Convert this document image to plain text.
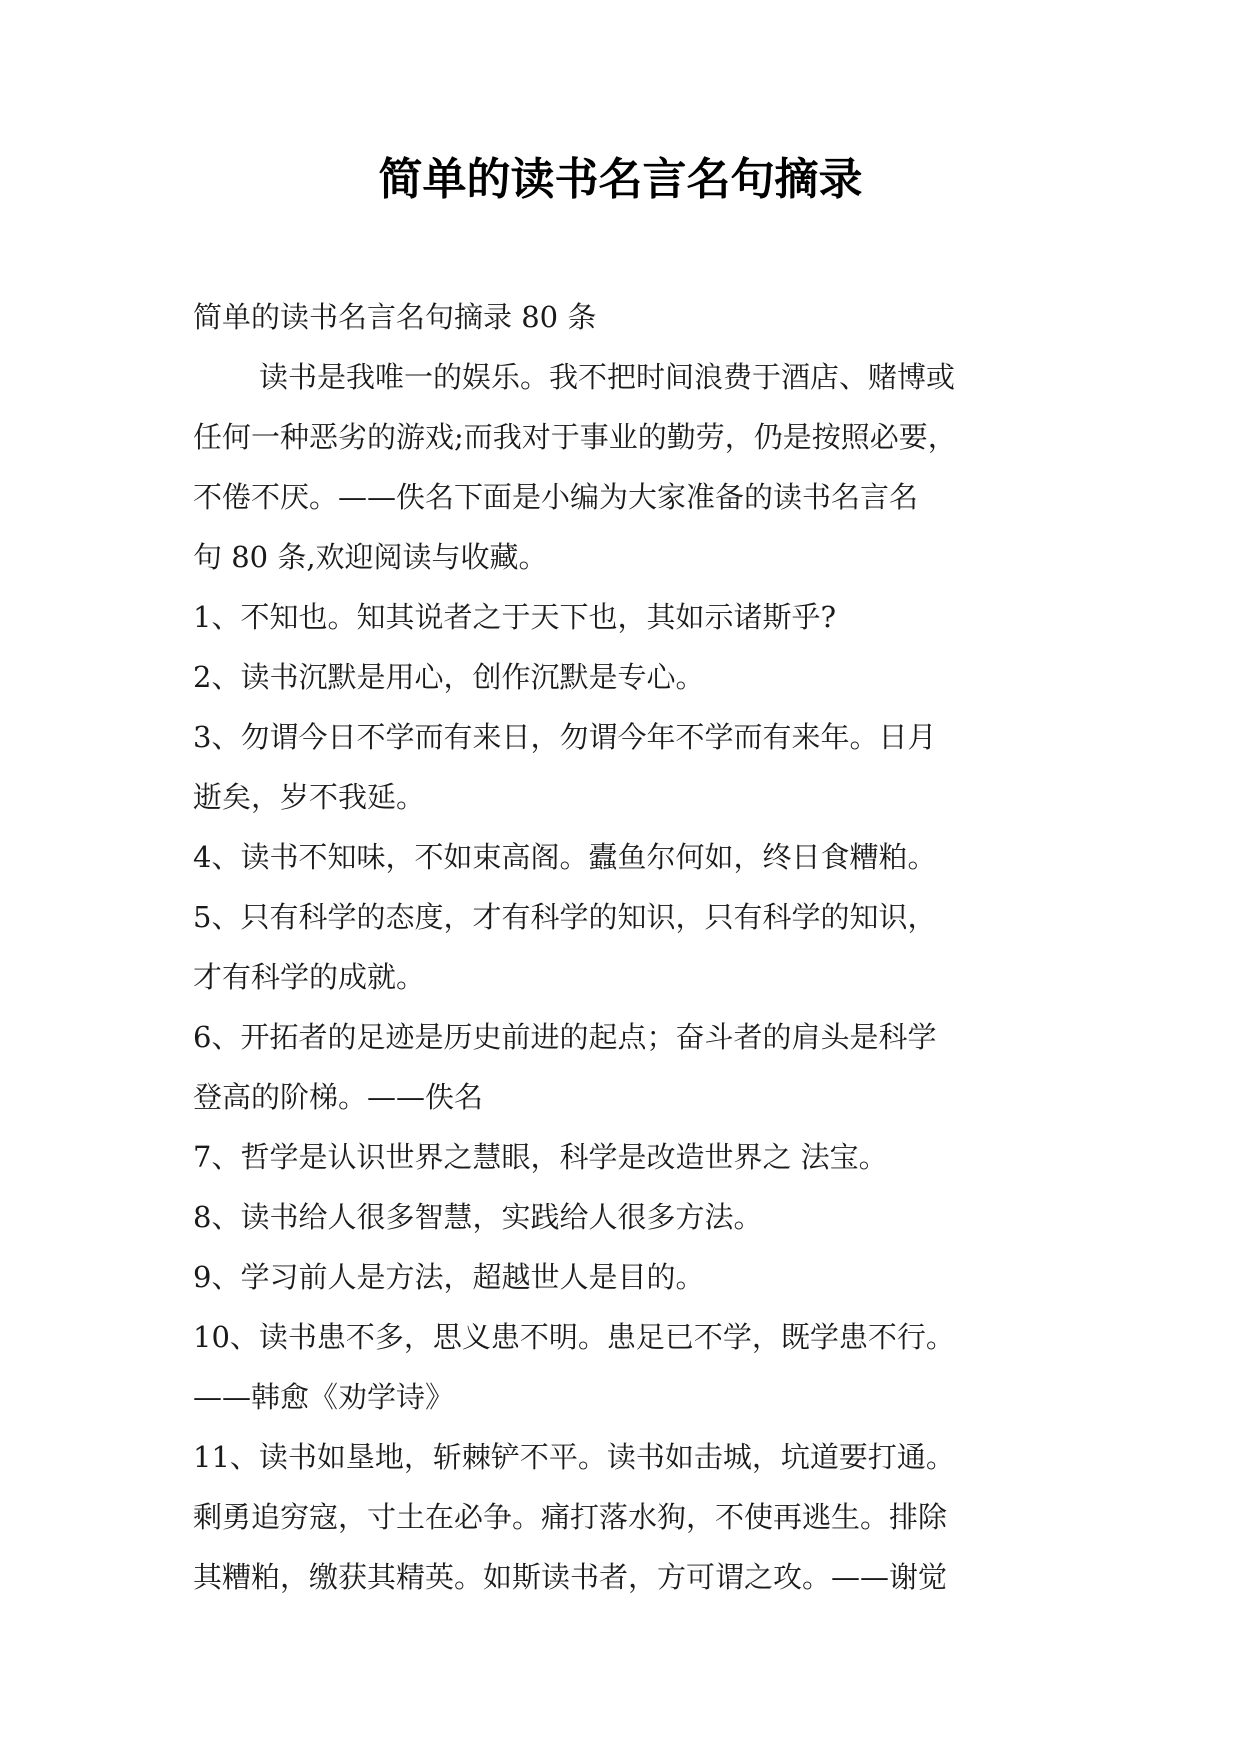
简单的读书名言名句摘录
简单的读书名言名句摘录 80 条
读书是我唯一的娱乐。我不把时间浪费于酒店、赌博或
任何一种恶劣的游戏;而我对于事业的勤劳，仍是按照必要，
不倦不厌。——佚名下面是小编为大家准备的读书名言名
句 80 条,欢迎阅读与收藏。
1、不知也。知其说者之于天下也，其如示诸斯乎?
2、读书沉默是用心，创作沉默是专心。
3、勿谓今日不学而有来日，勿谓今年不学而有来年。日月
逝矣，岁不我延。
4、读书不知味，不如束高阁。蠹鱼尔何如，终日食糟粕。
5、只有科学的态度，才有科学的知识，只有科学的知识，
才有科学的成就。
6、开拓者的足迹是历史前进的起点；奋斗者的肩头是科学
登高的阶梯。——佚名
7、哲学是认识世界之慧眼，科学是改造世界之 法宝。
8、读书给人很多智慧，实践给人很多方法。
9、学习前人是方法，超越世人是目的。
10、读书患不多，思义患不明。患足已不学，既学患不行。
——韩愈《劝学诗》
11、读书如垦地，斩棘铲不平。读书如击城，坑道要打通。
剩勇追穷寇，寸土在必争。痛打落水狗，不使再逃生。排除
其糟粕，缴获其精英。如斯读书者，方可谓之攻。——谢觉
